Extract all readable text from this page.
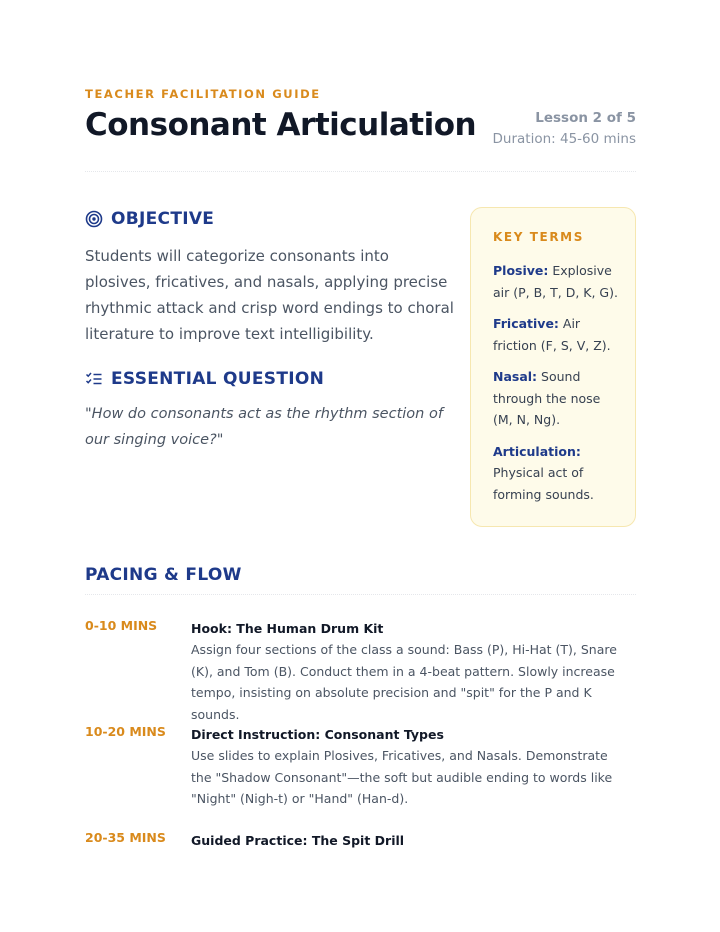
TEACHER FACILITATION GUIDE
Consonant Articulation	Lesson 2 of 5
Duration: 45-60 mins
OBJECTIVE
Students will categorize consonants into plosives, fricatives, and nasals, applying precise rhythmic attack and crisp word endings to choral literature to improve text intelligibility.
ESSENTIAL QUESTION
"How do consonants act as the rhythm section of our singing voice?"
KEY TERMS
Plosive: Explosive air (P, B, T, D, K, G).
Fricative: Air friction (F, S, V, Z).
Nasal: Sound through the nose (M, N, Ng).
Articulation: Physical act of forming sounds.
PACING & FLOW
0-10 MINS	Hook: The Human Drum Kit
Assign four sections of the class a sound: Bass (P), Hi-Hat (T), Snare (K), and Tom (B). Conduct them in a 4-beat pattern. Slowly increase tempo, insisting on absolute precision and "spit" for the P and K sounds.
10-20 MINS Direct Instruction: Consonant Types
Use slides to explain Plosives, Fricatives, and Nasals. Demonstrate the "Shadow Consonant"—the soft but audible ending to words like "Night" (Nigh-t) or "Hand" (Han-d).
20-35 MINS Guided Practice: The Spit Drill
